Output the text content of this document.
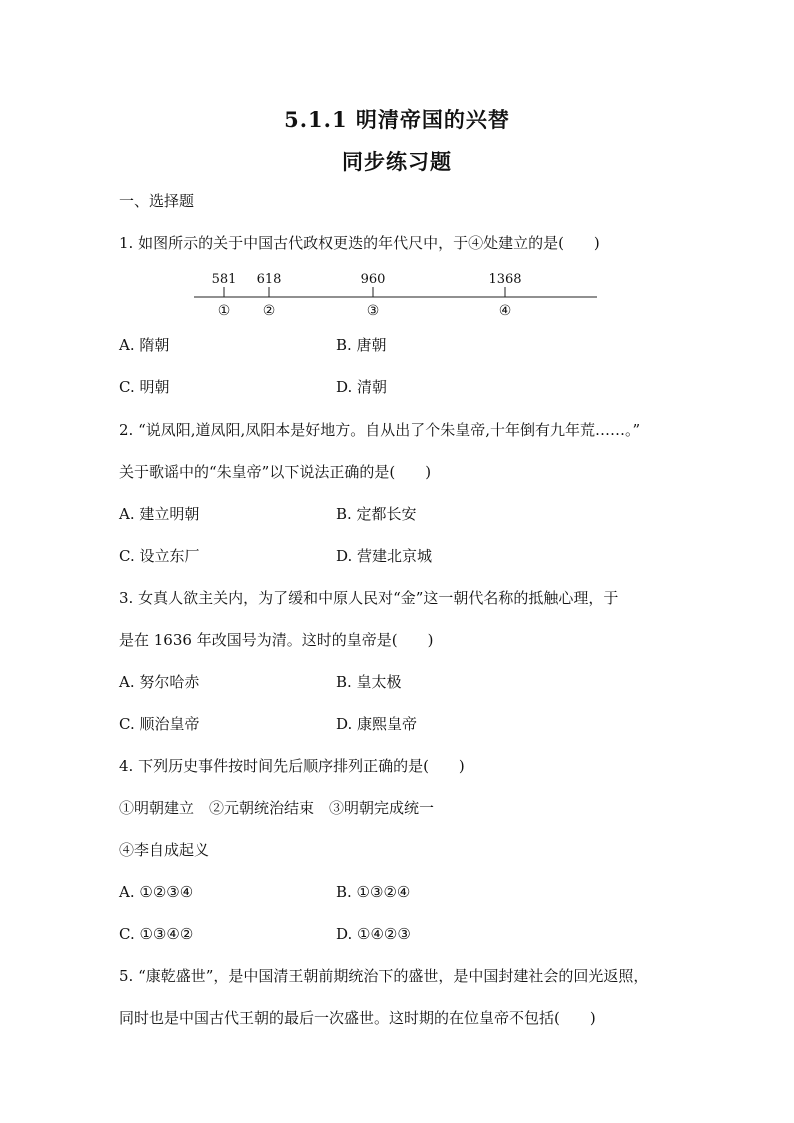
5.1.1 明清帝国的兴替
同步练习题
一、选择题
1. 如图所示的关于中国古代政权更迭的年代尺中，于④处建立的是(　　)
581
①
618
②
960
③
1368
④
A. 隋朝	B. 唐朝
C. 明朝	D. 清朝
2. “说凤阳,道凤阳,凤阳本是好地方。自从出了个朱皇帝,十年倒有九年荒……。”
关于歌谣中的“朱皇帝”以下说法正确的是(　　)
A. 建立明朝	B. 定都长安
C. 设立东厂	D. 营建北京城
3. 女真人欲主关内，为了缓和中原人民对“金”这一朝代名称的抵触心理，于
是在 1636 年改国号为清。这时的皇帝是(　　)
A. 努尔哈赤	B. 皇太极
C. 顺治皇帝	D. 康熙皇帝
4. 下列历史事件按时间先后顺序排列正确的是(　　)
①明朝建立　②元朝统治结束　③明朝完成统一
④李自成起义
A. ①②③④	B. ①③②④
C. ①③④②	D. ①④②③
5. “康乾盛世”，是中国清王朝前期统治下的盛世，是中国封建社会的回光返照，
同时也是中国古代王朝的最后一次盛世。这时期的在位皇帝不包括(　　)
